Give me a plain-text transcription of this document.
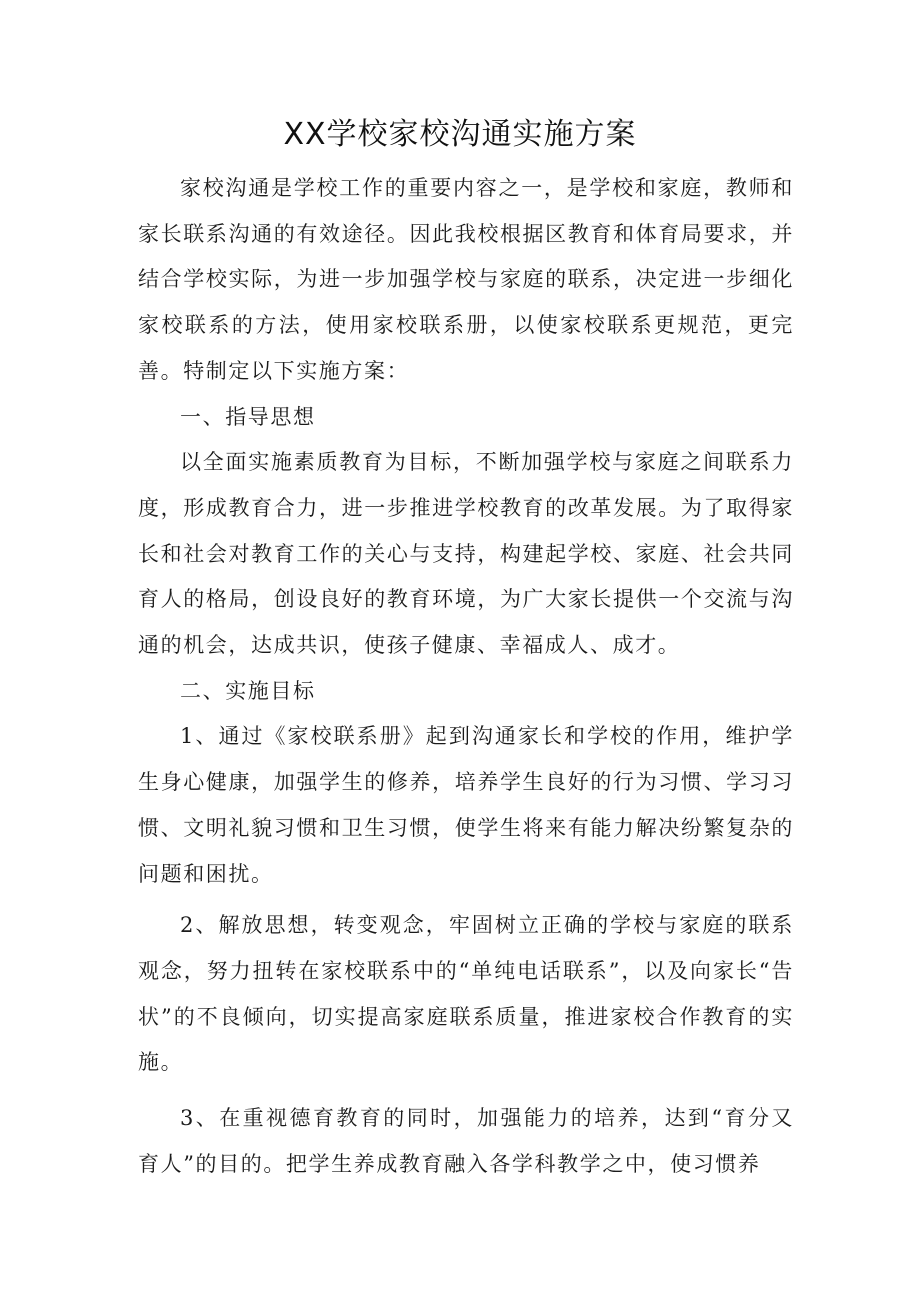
XX学校家校沟通实施方案

家校沟通是学校工作的重要内容之一，是学校和家庭，教师和家长联系沟通的有效途径。因此我校根据区教育和体育局要求，并结合学校实际，为进一步加强学校与家庭的联系，决定进一步细化家校联系的方法，使用家校联系册，以使家校联系更规范，更完善。特制定以下实施方案：

一、指导思想

以全面实施素质教育为目标，不断加强学校与家庭之间联系力度，形成教育合力，进一步推进学校教育的改革发展。为了取得家长和社会对教育工作的关心与支持，构建起学校、家庭、社会共同育人的格局，创设良好的教育环境，为广大家长提供一个交流与沟通的机会，达成共识，使孩子健康、幸福成人、成才。

二、实施目标

1、通过《家校联系册》起到沟通家长和学校的作用，维护学生身心健康，加强学生的修养，培养学生良好的行为习惯、学习习惯、文明礼貌习惯和卫生习惯，使学生将来有能力解决纷繁复杂的问题和困扰。

2、解放思想，转变观念，牢固树立正确的学校与家庭的联系观念，努力扭转在家校联系中的“单纯电话联系”，以及向家长“告状”的不良倾向，切实提高家庭联系质量，推进家校合作教育的实施。

3、在重视德育教育的同时，加强能力的培养，达到“育分又育人”的目的。把学生养成教育融入各学科教学之中，使习惯养
